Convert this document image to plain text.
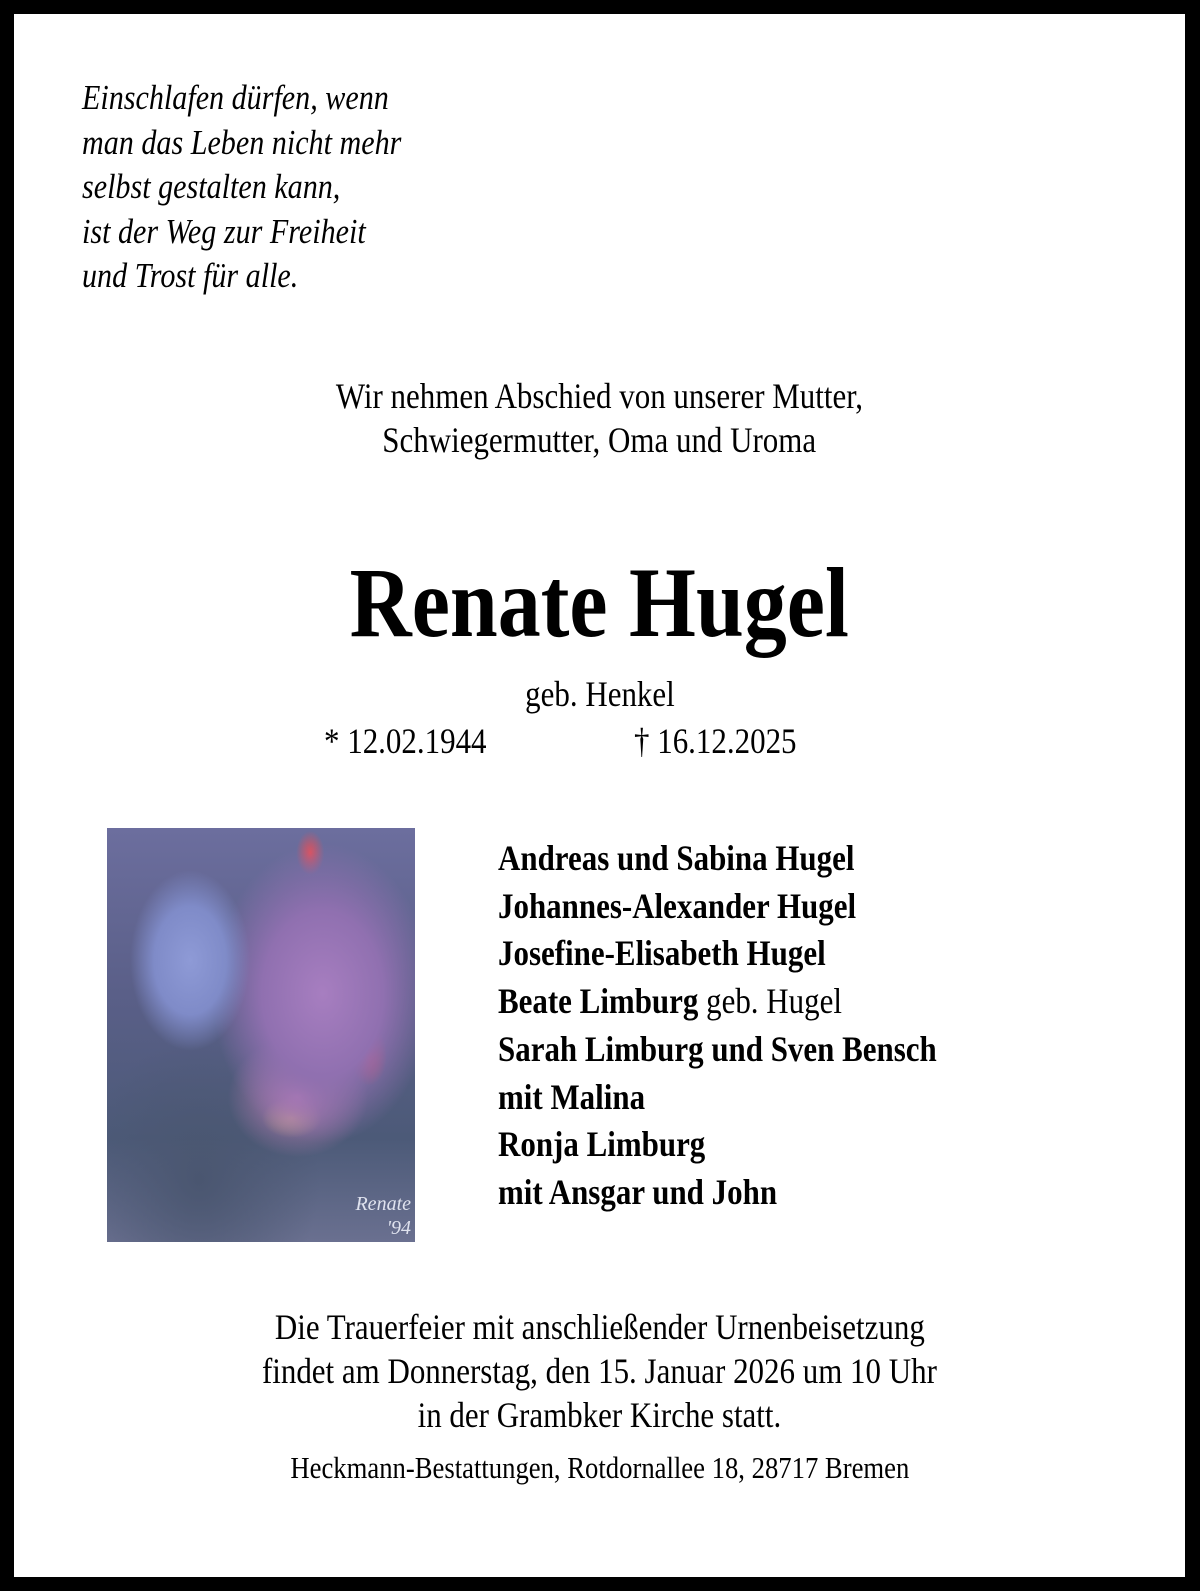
Einschlafen dürfen, wenn
man das Leben nicht mehr
selbst gestalten kann,
ist der Weg zur Freiheit
und Trost für alle.
Wir nehmen Abschied von unserer Mutter,
Schwiegermutter, Oma und Uroma
Renate Hugel
geb. Henkel
* 12.02.1944	† 16.12.2025
Renate
'94
Andreas und Sabina Hugel
Johannes-Alexander Hugel
Josefine-Elisabeth Hugel
Beate Limburg geb. Hugel
Sarah Limburg und Sven Bensch
mit Malina
Ronja Limburg
mit Ansgar und John
Die Trauerfeier mit anschließender Urnenbeisetzung
findet am Donnerstag, den 15. Januar 2026 um 10 Uhr
in der Grambker Kirche statt.
Heckmann-Bestattungen, Rotdornallee 18, 28717 Bremen
